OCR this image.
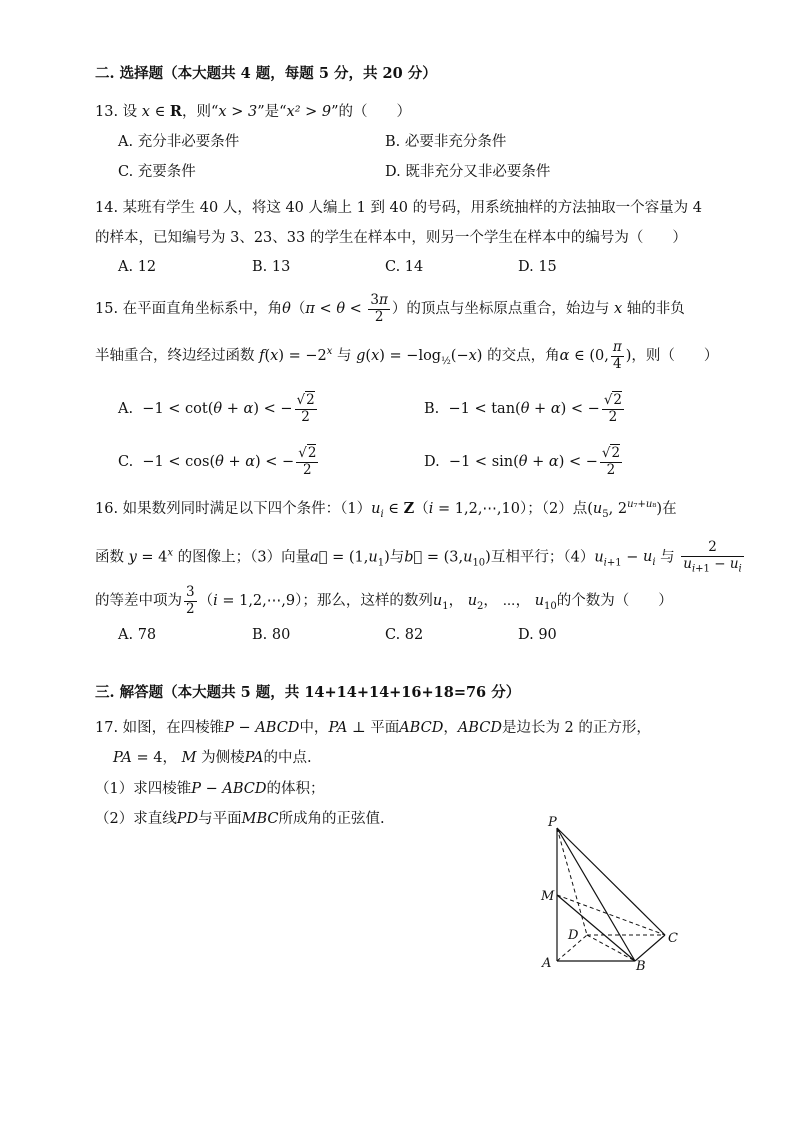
二. 选择题（本大题共 4 题，每题 5 分，共 20 分）
13. 设 x ∈ R，则“x > 3”是“x² > 9”的（　　）
A. 充分非必要条件	B. 必要非充分条件
C. 充要条件	D. 既非充分又非必要条件
14. 某班有学生 40 人，将这 40 人编上 1 到 40 的号码，用系统抽样的方法抽取一个容量为 4
的样本，已知编号为 3、23、33 的学生在样本中，则另一个学生在样本中的编号为（　　）
A. 12	B. 13	C. 14	D. 15
15. 在平面直角坐标系中，角$\theta(\pi < \theta < \frac{3\pi}{2}$ ）的顶点与坐标原点重合，始边与 x 轴的非负
半轴重合，终边经过函数 $f(x) = -2^x$ 与 $g(x) = -\log_{\frac{1}{2}}(-x)$ 的交点，角α ∈ (0, $\frac{\pi}{4}$ )，则（　　）
A.  −1 < cot(θ + α) < − $\frac{√2}{2}$	B.  −1 < tan(θ + α) < − $\frac{√2}{2}$
C.  −1 < cos(θ + α) < − $\frac{√2}{2}$	D.  −1 < sin(θ + α) < − $\frac{√2}{2}$
16. 如果数列同时满足以下四个条件：$(1)u_i$ ∈ Z（i = 1,2,⋯,10）；（2）点($u_5$, $2^{u_7+u_8}$)在
函数 $y = 4^x$ 的图像上；（3）向量a⃗ = $(1,u_1)$与b⃗ = $(3,u_{10})$互相平行；$(4)u_{i+1} - u_i$ 与 $\frac{2}{u_{i+1} - u_i}$
的等差中项为 $\frac{3}{2} (i$ = 1,2,⋯,9）；那么，这样的数列$u_1$， $u_2$， ⋯， $u_{10}$的个数为（　　）
A. 78	B. 80	C. 82	D. 90
三. 解答题（本大题共 5 题，共 14+14+14+16+18=76 分）
17. 如图，在四棱锥P − ABCD中，PA ⊥ 平面ABCD，ABCD是边长为 2 的正方形，
PA = 4， M 为侧棱PA的中点.
（1）求四棱锥P − ABCD的体积；
（2）求直线PD与平面MBC所成角的正弦值.	P
M
D	C
A	B
